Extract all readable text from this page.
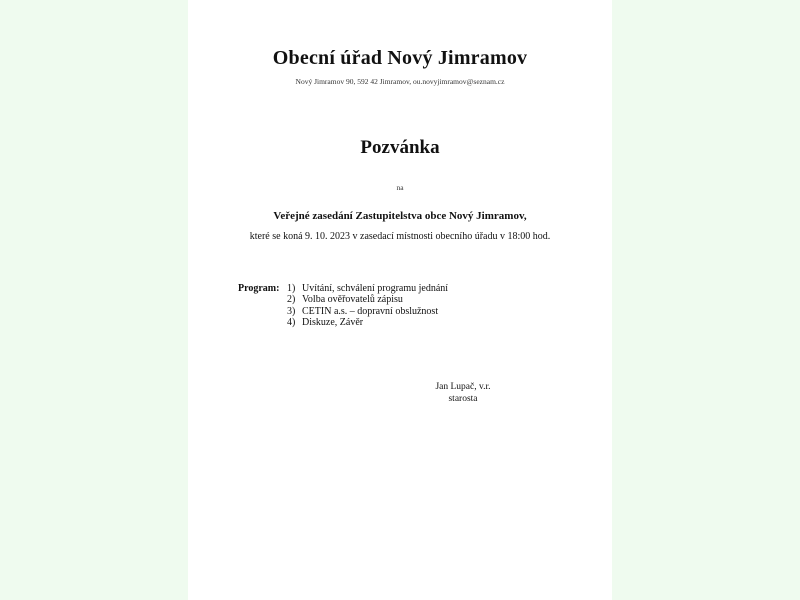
Obecní úřad Nový Jimramov
Nový Jimramov 90, 592 42 Jimramov, ou.novyjimramov@seznam.cz
Pozvánka
na
Veřejné zasedání Zastupitelstva obce Nový Jimramov,
které se koná 9. 10. 2023 v zasedací místnosti obecního úřadu v 18:00 hod.
Program: 1) Uvítání, schválení programu jednání
2) Volba ověřovatelů zápisu
3) CETIN a.s. – dopravní obslužnost
4) Diskuze, Závěr
Jan Lupač, v.r.
starosta
